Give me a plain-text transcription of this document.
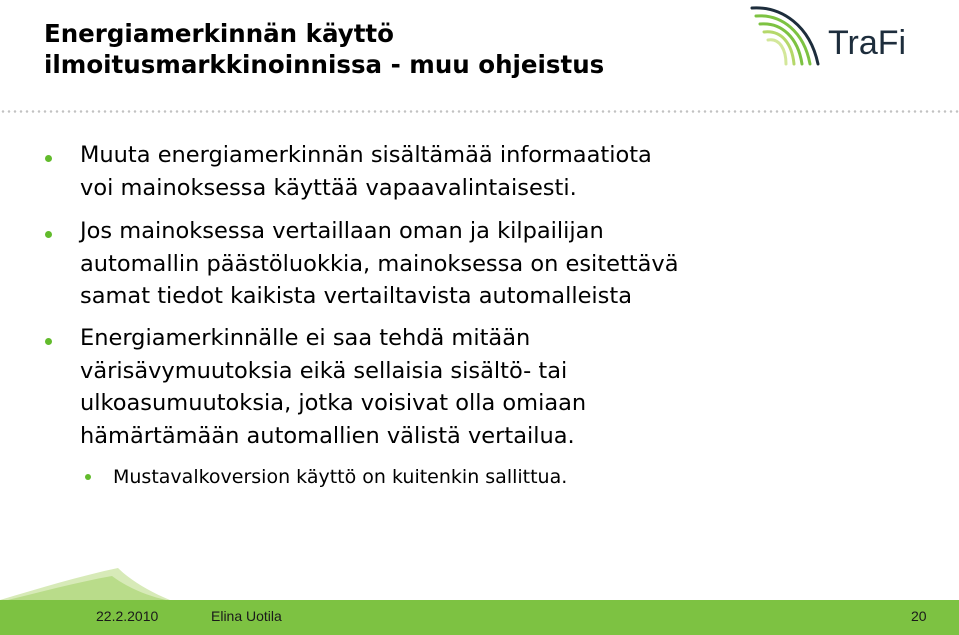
Energiamerkinnän käyttö
ilmoitusmarkkinoinnissa - muu ohjeistus
TraFi
Muuta energiamerkinnän sisältämää informaatiota
voi mainoksessa käyttää vapaavalintaisesti.
Jos mainoksessa vertaillaan oman ja kilpailijan
automallin päästöluokkia, mainoksessa on esitettävä
samat tiedot kaikista vertailtavista automalleista
Energiamerkinnälle ei saa tehdä mitään
värisävymuutoksia eikä sellaisia sisältö- tai
ulkoasumuutoksia, jotka voisivat olla omiaan
hämärtämään automallien välistä vertailua.
Mustavalkoversion käyttö on kuitenkin sallittua.
22.2.2010	Elina Uotila	20
